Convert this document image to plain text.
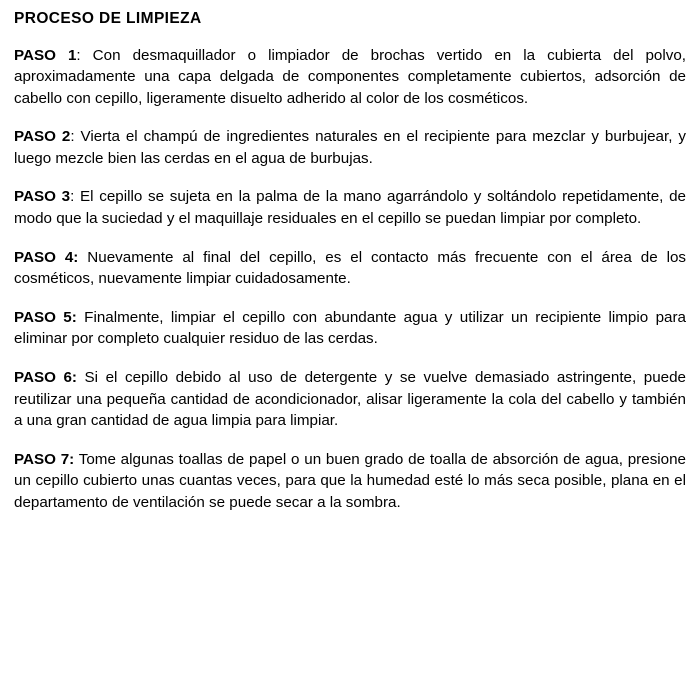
PROCESO DE LIMPIEZA

PASO 1: Con desmaquillador o limpiador de brochas vertido en la cubierta del polvo, aproximadamente una capa delgada de componentes completamente cubiertos, adsorción de cabello con cepillo, ligeramente disuelto adherido al color de los cosméticos.

PASO 2: Vierta el champú de ingredientes naturales en el recipiente para mezclar y burbujear, y luego mezcle bien las cerdas en el agua de burbujas.

PASO 3: El cepillo se sujeta en la palma de la mano agarrándolo y soltándolo repetidamente, de modo que la suciedad y el maquillaje residuales en el cepillo se puedan limpiar por completo.

PASO 4: Nuevamente al final del cepillo, es el contacto más frecuente con el área de los cosméticos, nuevamente limpiar cuidadosamente.

PASO 5: Finalmente, limpiar el cepillo con abundante agua y utilizar un recipiente limpio para eliminar por completo cualquier residuo de las cerdas.

PASO 6: Si el cepillo debido al uso de detergente y se vuelve demasiado astringente, puede reutilizar una pequeña cantidad de acondicionador, alisar ligeramente la cola del cabello y también a una gran cantidad de agua limpia para limpiar.

PASO 7: Tome algunas toallas de papel o un buen grado de toalla de absorción de agua, presione un cepillo cubierto unas cuantas veces, para que la humedad esté lo más seca posible, plana en el departamento de ventilación se puede secar a la sombra.
